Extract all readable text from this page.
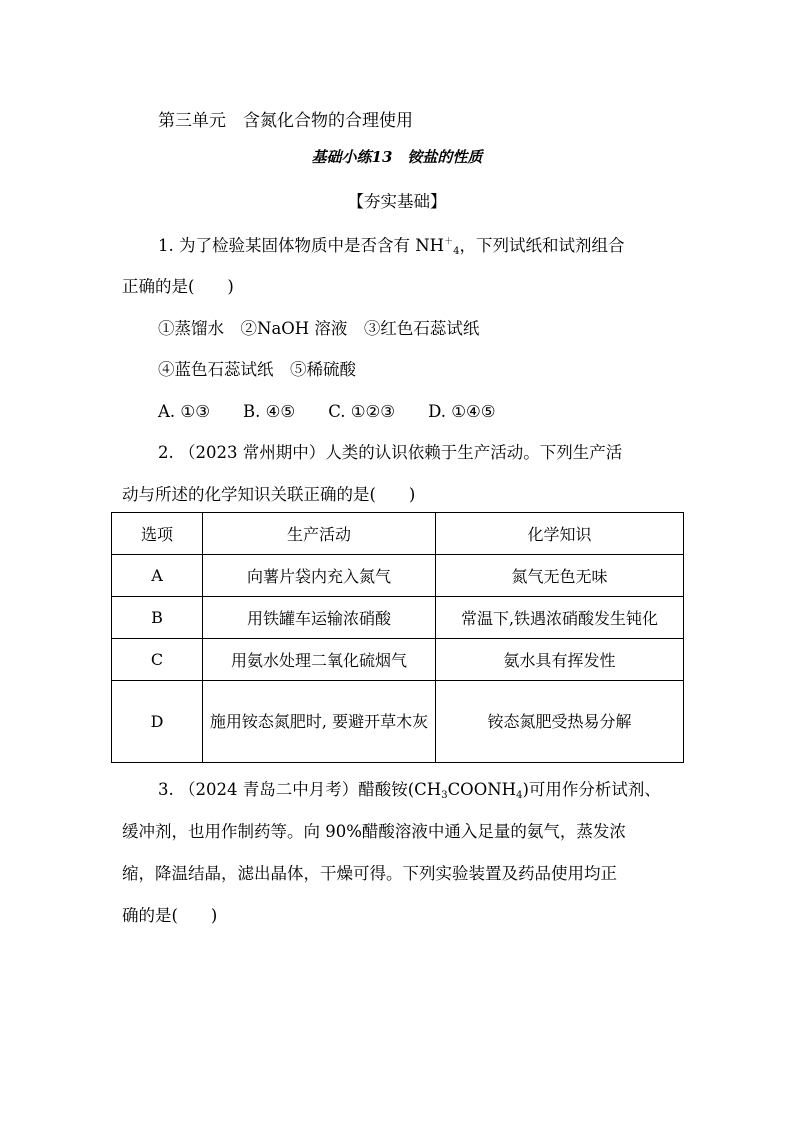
第三单元　含氮化合物的合理使用
基础小练13　铵盐的性质
【夯实基础】
1. 为了检验某固体物质中是否含有 $NH^+_4$，下列试纸和试剂组合
正确的是(　　)
①蒸馏水　②NaOH 溶液　③红色石蕊试纸
④蓝色石蕊试纸　⑤稀硫酸
A. ①③　　B. ④⑤　　C. ①②③　　D. ①④⑤
2. （2023 常州期中）人类的认识依赖于生产活动。下列生产活
动与所述的化学知识关联正确的是(　　)
选项	生产活动	化学知识
A	向薯片袋内充入氮气	氮气无色无味
B	用铁罐车运输浓硝酸	常温下,铁遇浓硝酸发生钝化
C	用氨水处理二氧化硫烟气	氨水具有挥发性
D	施用铵态氮肥时, 要避开草木灰	铵态氮肥受热易分解
3. （2024 青岛二中月考）醋酸铵$(CH_3COONH_4)$可用作分析试剂、
缓冲剂，也用作制药等。向 90%醋酸溶液中通入足量的氨气，蒸发浓
缩，降温结晶，滤出晶体，干燥可得。下列实验装置及药品使用均正
确的是(　　)
